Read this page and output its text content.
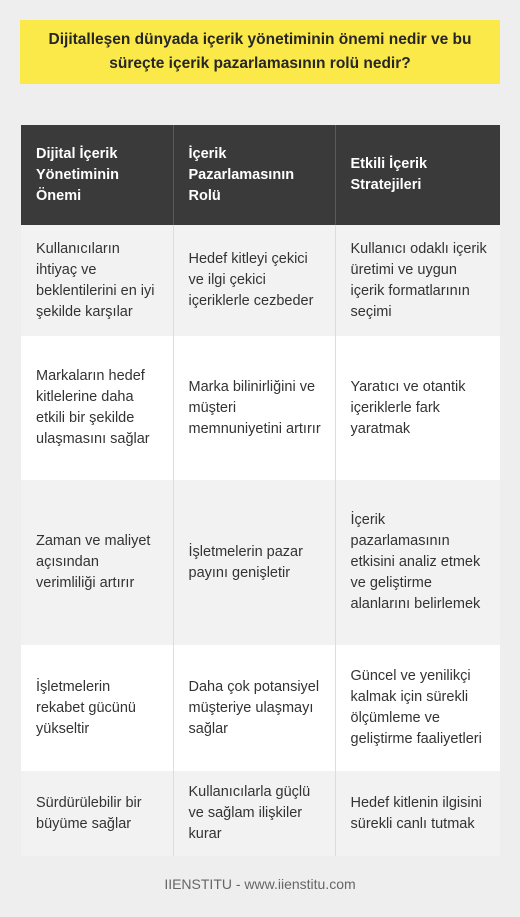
Dijitalleşen dünyada içerik yönetiminin önemi nedir ve bu süreçte içerik pazarlamasının rolü nedir?
Dijital İçerik Yönetiminin Önemi	İçerik Pazarlamasının Rolü	Etkili İçerik Stratejileri
Kullanıcıların ihtiyaç ve beklentilerini en iyi şekilde karşılar	Hedef kitleyi çekici ve ilgi çekici içeriklerle cezbeder	Kullanıcı odaklı içerik üretimi ve uygun içerik formatlarının seçimi
Markaların hedef kitlelerine daha etkili bir şekilde ulaşmasını sağlar	Marka bilinirliğini ve müşteri memnuniyetini artırır	Yaratıcı ve otantik içeriklerle fark yaratmak
Zaman ve maliyet açısından verimliliği artırır	İşletmelerin pazar payını genişletir	İçerik pazarlamasının etkisini analiz etmek ve geliştirme alanlarını belirlemek
İşletmelerin rekabet gücünü yükseltir	Daha çok potansiyel müşteriye ulaşmayı sağlar	Güncel ve yenilikçi kalmak için sürekli ölçümleme ve geliştirme faaliyetleri
Sürdürülebilir bir büyüme sağlar	Kullanıcılarla güçlü ve sağlam ilişkiler kurar	Hedef kitlenin ilgisini sürekli canlı tutmak
IIENSTITU - www.iienstitu.com
